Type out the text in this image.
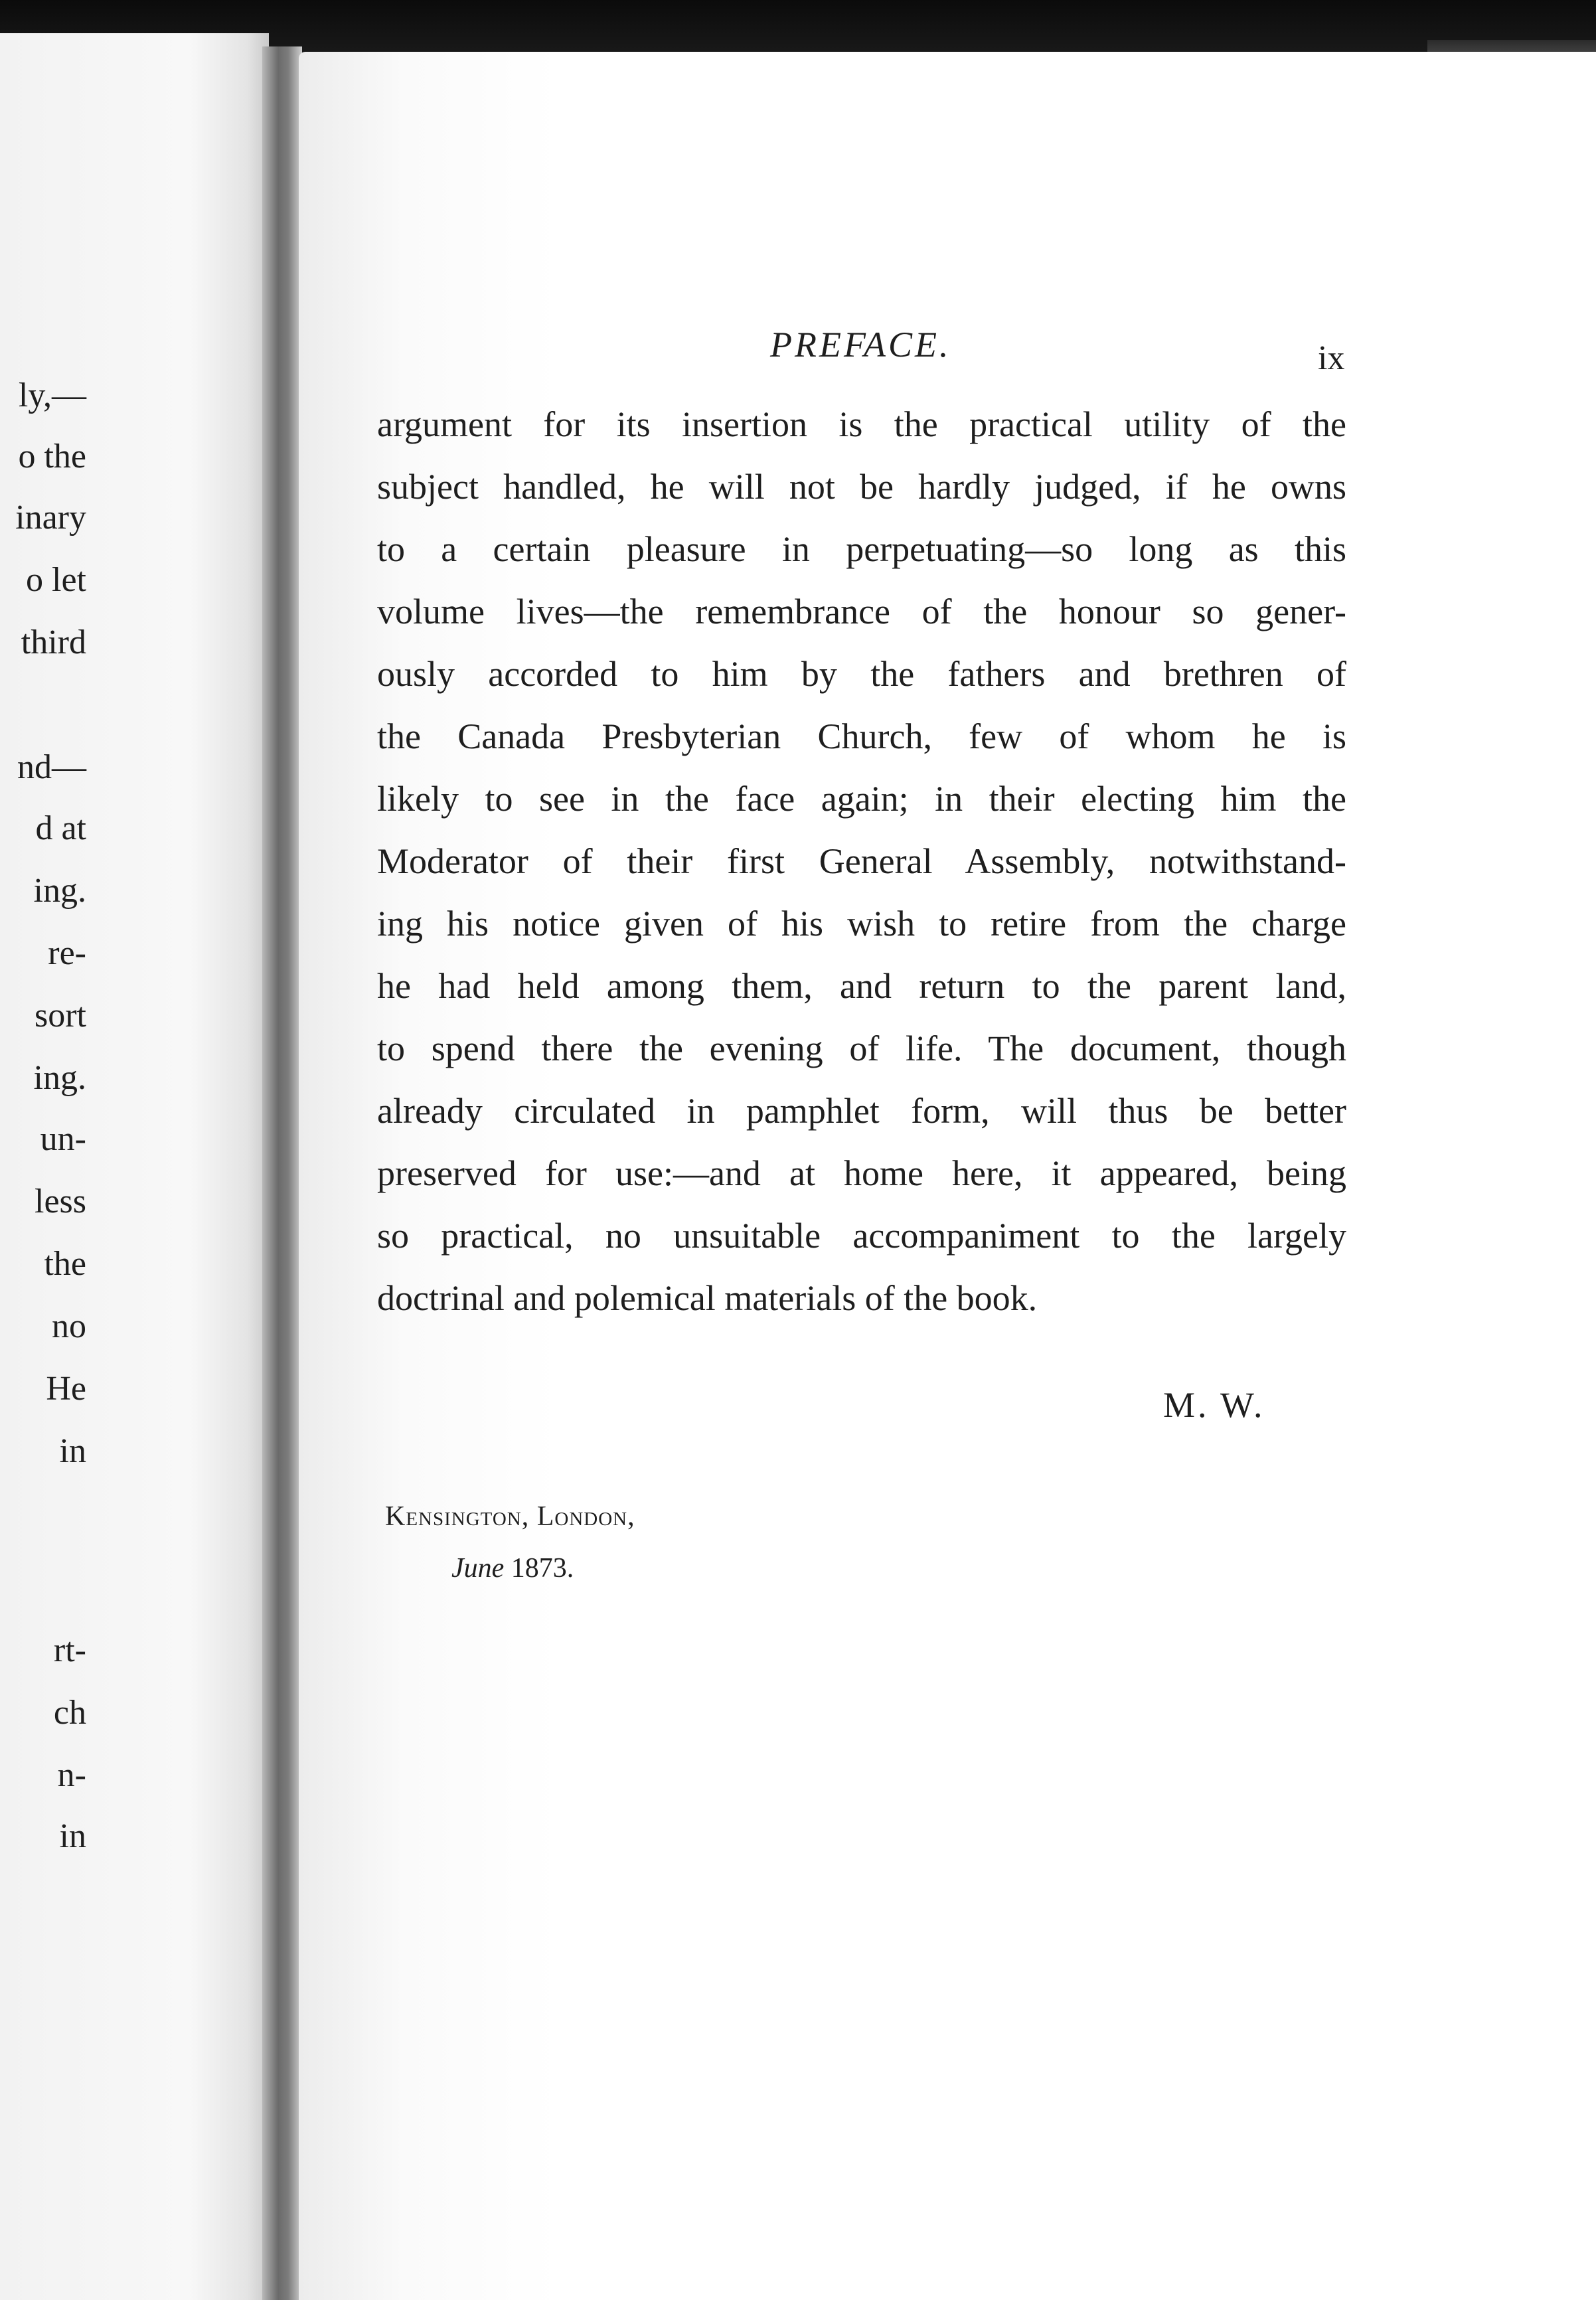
ly,—

o the

inary

o let

third

nd—

d at

ing.

re-

sort

ing.

un-

less

the

no

He

in

rt-

ch

n-

in

PREFACE.	ix

argument for its insertion is the practical utility of the
subject handled, he will not be hardly judged, if he owns
to a certain pleasure in perpetuating—so long as this
volume lives—the remembrance of the honour so gener-
ously accorded to him by the fathers and brethren of
the Canada Presbyterian Church, few of whom he is
likely to see in the face again; in their electing him the
Moderator of their first General Assembly, notwithstand-
ing his notice given of his wish to retire from the charge
he had held among them, and return to the parent land,
to spend there the evening of life. The document, though
already circulated in pamphlet form, will thus be better
preserved for use:—and at home here, it appeared, being
so practical, no unsuitable accompaniment to the largely
doctrinal and polemical materials of the book.

M. W.

Kensington, London,

June 1873.
